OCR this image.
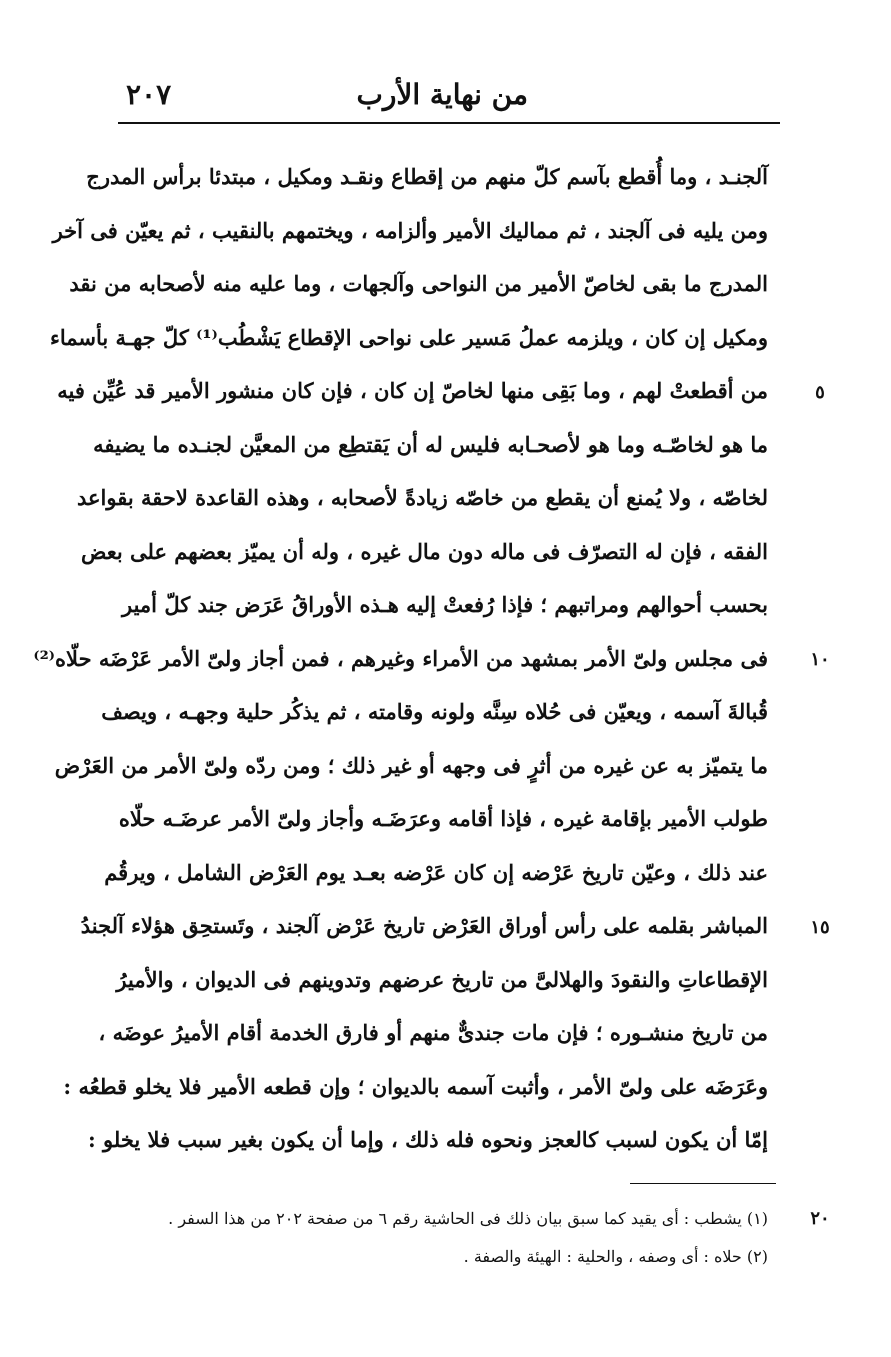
من نهاية الأرب
٢٠٧
آلجنـد ، وما أُقطع بآسم كلّ منهم من إقطاع ونقـد ومكيل ، مبتدئا برأس المدرج
ومن يليه فى آلجند ، ثم مماليك الأمير وألزامه ، ويختمهم بالنقيب ، ثم يعيّن فى آخر
المدرج ما بقى لخاصّ الأمير من النواحى وآلجهات ، وما عليه منه لأصحابه من نقد
ومكيل إن كان ، ويلزمه عملُ مَسير على نواحى الإقطاع يَشْطُب⁽¹⁾ كلّ جهـة بأسماء
من أقطعتْ لهم ، وما بَقِى منها لخاصّ إن كان ، فإن كان منشور الأمير قد عُيِّن فيه
ما هو لخاصّـه وما هو لأصحـابه فليس له أن يَقتطِع من المعيَّن لجنـده ما يضيفه
لخاصّه ، ولا يُمنع أن يقطع من خاصّه زيادةً لأصحابه ، وهذه القاعدة لاحقة بقواعد
الفقه ، فإن له التصرّف فى ماله دون مال غيره ، وله أن يميّز بعضهم على بعض
بحسب أحوالهم ومراتبهم ؛ فإذا رُفعتْ إليه هـذه الأوراقُ عَرَض جند كلّ أمير
فى مجلس ولىّ الأمر بمشهد من الأمراء وغيرهم ، فمن أجاز ولىّ الأمر عَرْضَه حلّاه⁽²⁾
قُبالةَ آسمه ، ويعيّن فى حُلاه سِنَّه ولونه وقامته ، ثم يذكُر حلية وجهـه ، ويصف
ما يتميّز به عن غيره من أثرٍ فى وجهه أو غير ذلك ؛ ومن ردّه ولىّ الأمر من العَرْض
طولب الأمير بإقامة غيره ، فإذا أقامه وعرَضَـه وأجاز ولىّ الأمر عرضَـه حلّاه
عند ذلك ، وعيّن تاريخ عَرْضه إن كان عَرْضه بعـد يوم العَرْض الشامل ، ويرقُم
المباشر بقلمه على رأس أوراق العَرْض تاريخ عَرْض آلجند ، وتَستحِق هؤلاء آلجندُ
الإقطاعاتِ والنقودَ والهلالىَّ من تاريخ عرضهم وتدوينهم فى الديوان ، والأميرُ
من تاريخ منشـوره ؛ فإن مات جندىٌّ منهم أو فارق الخدمة أقام الأميرُ عوضَه ،
وعَرَضَه على ولىّ الأمر ، وأثبت آسمه بالديوان ؛ وإن قطعه الأمير فلا يخلو قطعُه :
إمّا أن يكون لسبب كالعجز ونحوه فله ذلك ، وإما أن يكون بغير سبب فلا يخلو :
٥
١٠
١٥
(١) يشطب : أى يقيد كما سبق بيان ذلك فى الحاشية رقم ٦ من صفحة ٢٠٢ من هذا السفر .
(٢) حلاه : أى وصفه ، والحلية : الهيئة والصفة .
٢٠
